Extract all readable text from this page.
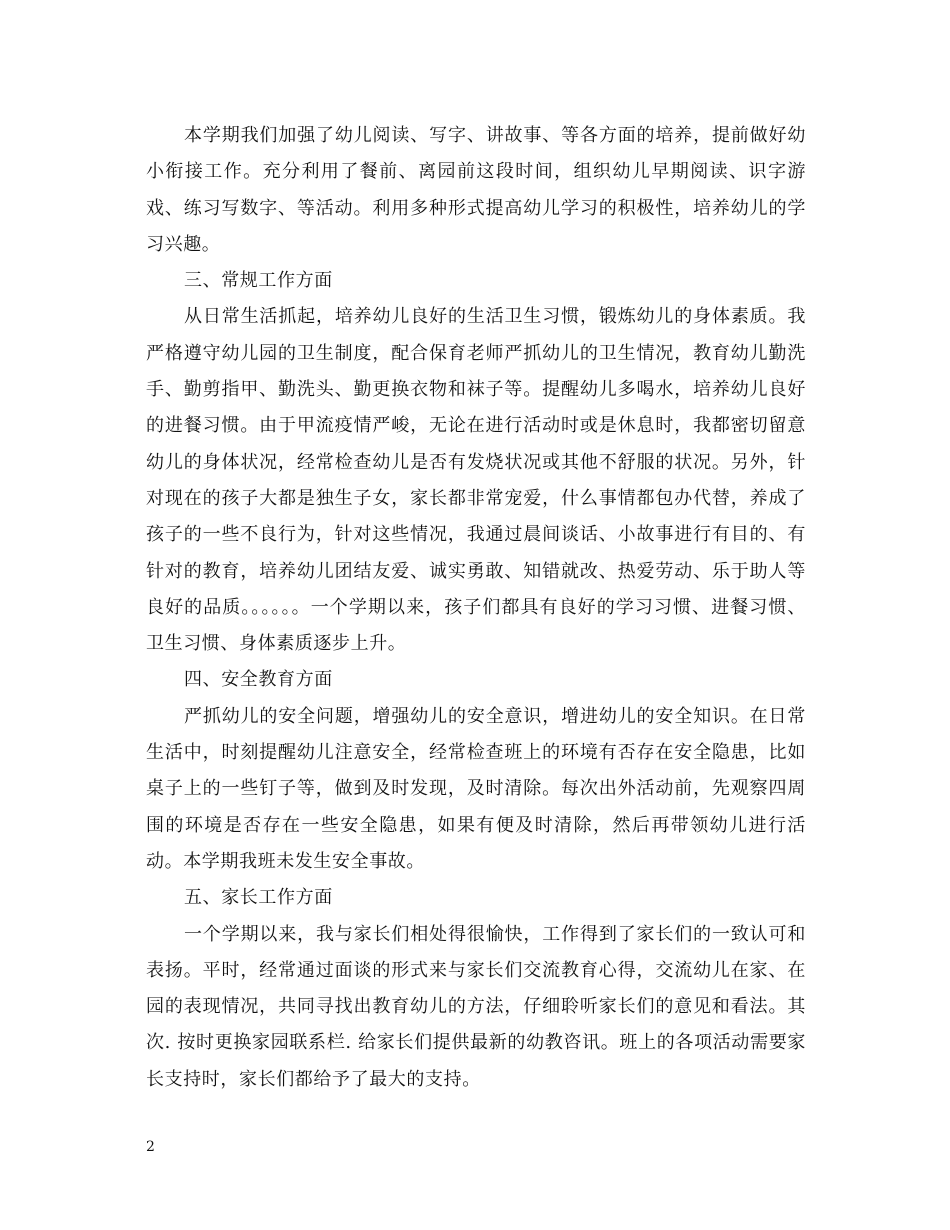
本学期我们加强了幼儿阅读、写字、讲故事、等各方面的培养，提前做好幼小衔接工作。充分利用了餐前、离园前这段时间，组织幼儿早期阅读、识字游戏、练习写数字、等活动。利用多种形式提高幼儿学习的积极性，培养幼儿的学习兴趣。

三、常规工作方面

从日常生活抓起，培养幼儿良好的生活卫生习惯，锻炼幼儿的身体素质。我严格遵守幼儿园的卫生制度，配合保育老师严抓幼儿的卫生情况，教育幼儿勤洗手、勤剪指甲、勤洗头、勤更换衣物和袜子等。提醒幼儿多喝水，培养幼儿良好的进餐习惯。由于甲流疫情严峻，无论在进行活动时或是休息时，我都密切留意幼儿的身体状况，经常检查幼儿是否有发烧状况或其他不舒服的状况。另外，针对现在的孩子大都是独生子女，家长都非常宠爱，什么事情都包办代替，养成了孩子的一些不良行为，针对这些情况，我通过晨间谈话、小故事进行有目的、有针对的教育，培养幼儿团结友爱、诚实勇敢、知错就改、热爱劳动、乐于助人等良好的品质。。。。。。一个学期以来，孩子们都具有良好的学习习惯、进餐习惯、卫生习惯、身体素质逐步上升。

四、安全教育方面

严抓幼儿的安全问题，增强幼儿的安全意识，增进幼儿的安全知识。在日常生活中，时刻提醒幼儿注意安全，经常检查班上的环境有否存在安全隐患，比如桌子上的一些钉子等，做到及时发现，及时清除。每次出外活动前，先观察四周围的环境是否存在一些安全隐患，如果有便及时清除，然后再带领幼儿进行活动。本学期我班未发生安全事故。

五、家长工作方面

一个学期以来，我与家长们相处得很愉快，工作得到了家长们的一致认可和表扬。平时，经常通过面谈的形式来与家长们交流教育心得，交流幼儿在家、在园的表现情况，共同寻找出教育幼儿的方法，仔细聆听家长们的意见和看法。其次. 按时更换家园联系栏. 给家长们提供最新的幼教咨讯。班上的各项活动需要家长支持时，家长们都给予了最大的支持。

2
